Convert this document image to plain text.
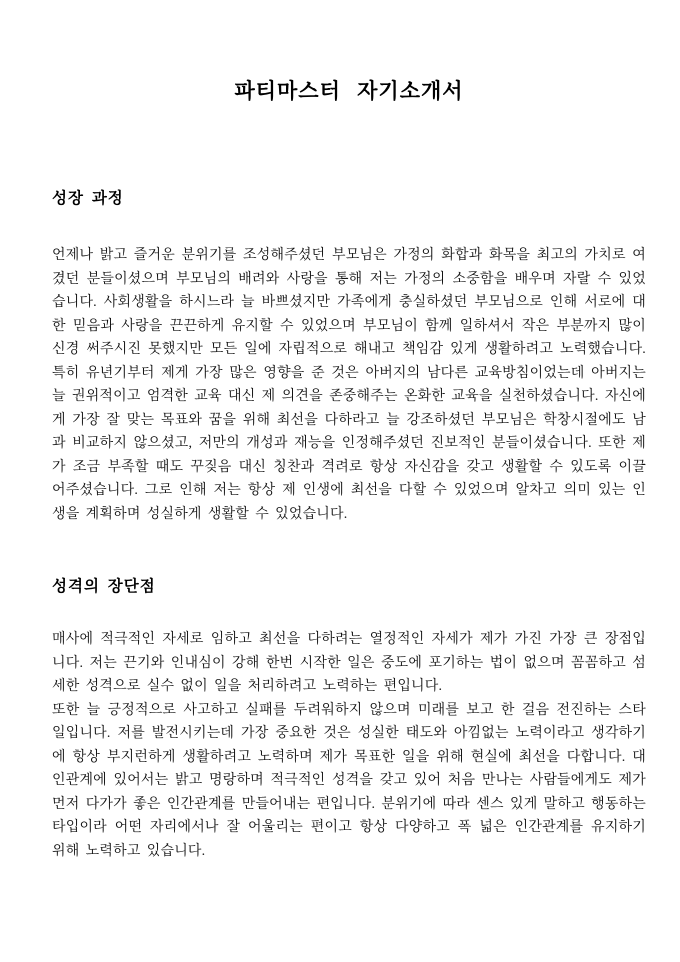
파티마스터 자기소개서
성장 과정

언제나 밝고 즐거운 분위기를 조성해주셨던 부모님은 가정의 화합과 화목을 최고의 가치로 여겼던 분들이셨으며 부모님의 배려와 사랑을 통해 저는 가정의 소중함을 배우며 자랄 수 있었습니다. 사회생활을 하시느라 늘 바쁘셨지만 가족에게 충실하셨던 부모님으로 인해 서로에 대한 믿음과 사랑을 끈끈하게 유지할 수 있었으며 부모님이 함께 일하셔서 작은 부분까지 많이 신경 써주시진 못했지만 모든 일에 자립적으로 해내고 책임감 있게 생활하려고 노력했습니다. 특히 유년기부터 제게 가장 많은 영향을 준 것은 아버지의 남다른 교육방침이었는데 아버지는 늘 권위적이고 엄격한 교육 대신 제 의견을 존중해주는 온화한 교육을 실천하셨습니다. 자신에게 가장 잘 맞는 목표와 꿈을 위해 최선을 다하라고 늘 강조하셨던 부모님은 학창시절에도 남과 비교하지 않으셨고, 저만의 개성과 재능을 인정해주셨던 진보적인 분들이셨습니다. 또한 제가 조금 부족할 때도 꾸짖음 대신 칭찬과 격려로 항상 자신감을 갖고 생활할 수 있도록 이끌어주셨습니다. 그로 인해 저는 항상 제 인생에 최선을 다할 수 있었으며 알차고 의미 있는 인생을 계획하며 성실하게 생활할 수 있었습니다.

성격의 장단점

매사에 적극적인 자세로 임하고 최선을 다하려는 열정적인 자세가 제가 가진 가장 큰 장점입니다. 저는 끈기와 인내심이 강해 한번 시작한 일은 중도에 포기하는 법이 없으며 꼼꼼하고 섬세한 성격으로 실수 없이 일을 처리하려고 노력하는 편입니다.

또한 늘 긍정적으로 사고하고 실패를 두려워하지 않으며 미래를 보고 한 걸음 전진하는 스타일입니다. 저를 발전시키는데 가장 중요한 것은 성실한 태도와 아낌없는 노력이라고 생각하기에 항상 부지런하게 생활하려고 노력하며 제가 목표한 일을 위해 현실에 최선을 다합니다. 대인관계에 있어서는 밝고 명랑하며 적극적인 성격을 갖고 있어 처음 만나는 사람들에게도 제가 먼저 다가가 좋은 인간관계를 만들어내는 편입니다. 분위기에 따라 센스 있게 말하고 행동하는 타입이라 어떤 자리에서나 잘 어울리는 편이고 항상 다양하고 폭 넓은 인간관계를 유지하기 위해 노력하고 있습니다.
